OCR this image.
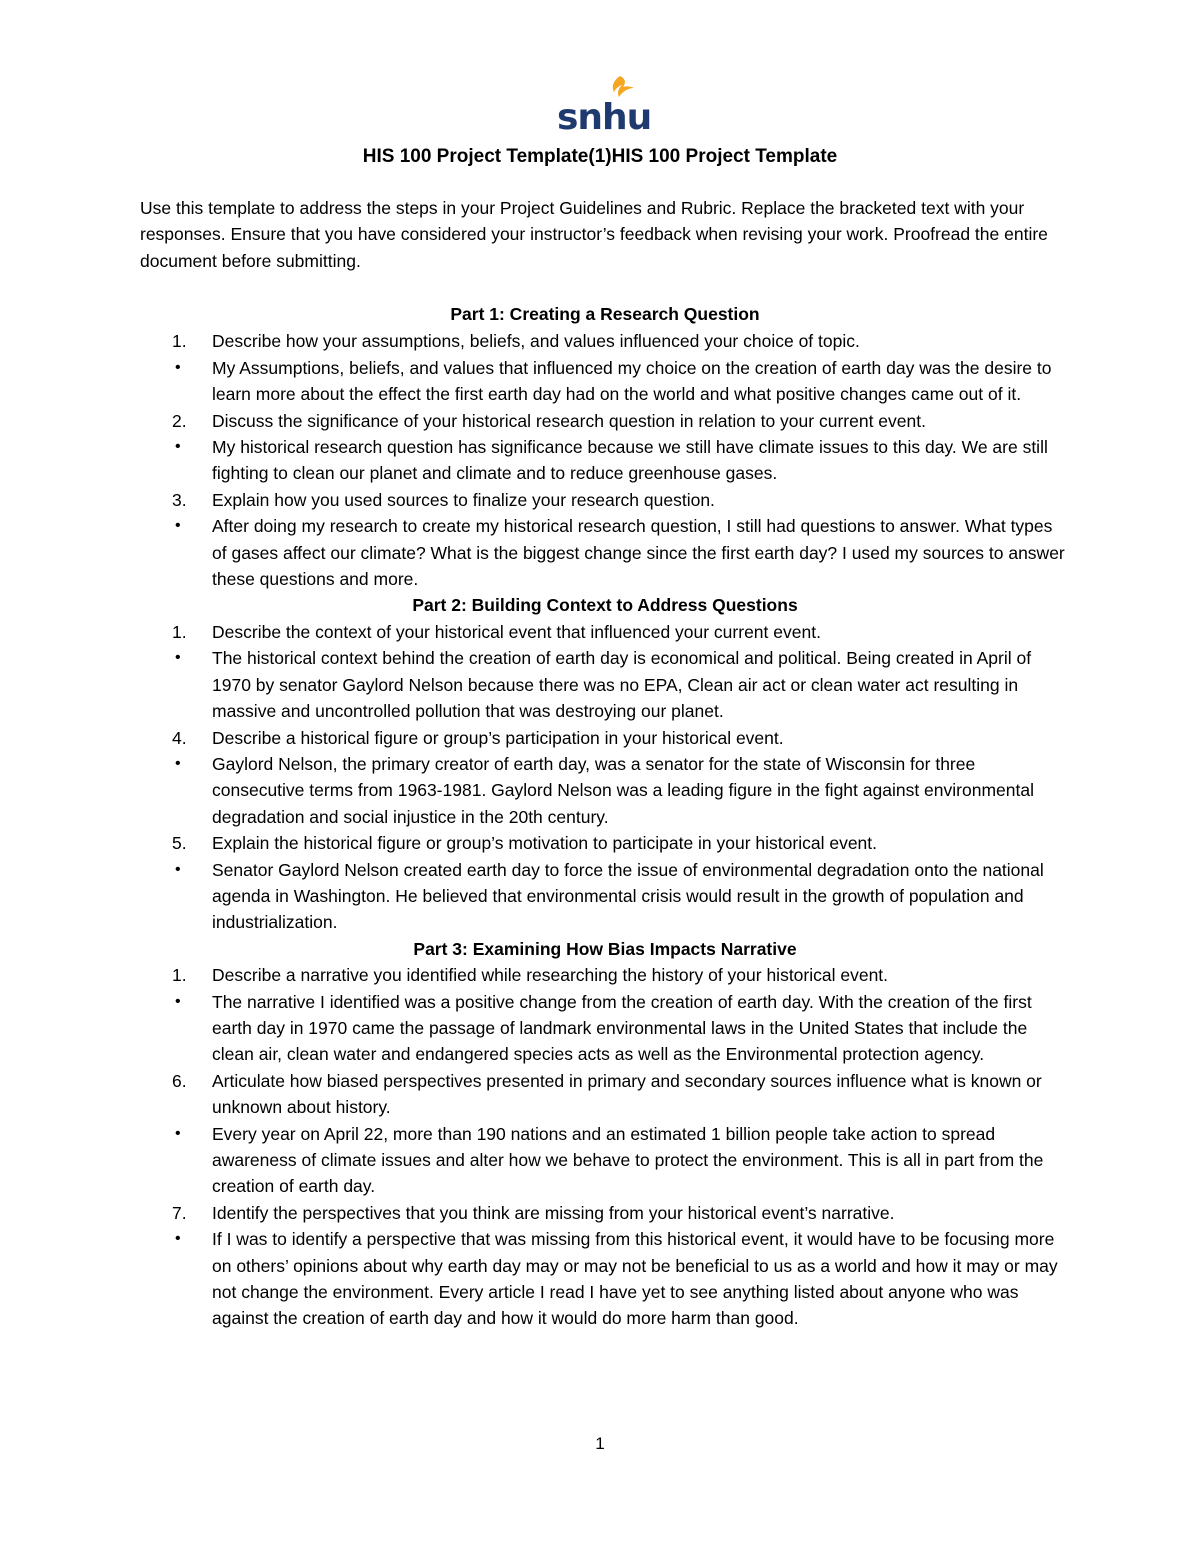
snhu
HIS 100 Project Template(1)HIS 100 Project Template

Use this template to address the steps in your Project Guidelines and Rubric. Replace the bracketed text with your responses. Ensure that you have considered your instructor’s feedback when revising your work. Proofread the entire document before submitting.

Part 1: Creating a Research Question

1.	Describe how your assumptions, beliefs, and values influenced your choice of topic.
•	My Assumptions, beliefs, and values that influenced my choice on the creation of earth day was the desire to learn more about the effect the first earth day had on the world and what positive changes came out of it.
2.	Discuss the significance of your historical research question in relation to your current event.
•	My historical research question has significance because we still have climate issues to this day. We are still fighting to clean our planet and climate and to reduce greenhouse gases.
3.	Explain how you used sources to finalize your research question.
•	After doing my research to create my historical research question, I still had questions to answer. What types of gases affect our climate? What is the biggest change since the first earth day? I used my sources to answer these questions and more.

Part 2: Building Context to Address Questions

1.	Describe the context of your historical event that influenced your current event.
•	The historical context behind the creation of earth day is economical and political. Being created in April of 1970 by senator Gaylord Nelson because there was no EPA, Clean air act or clean water act resulting in massive and uncontrolled pollution that was destroying our planet.
4.	Describe a historical figure or group’s participation in your historical event.
•	Gaylord Nelson, the primary creator of earth day, was a senator for the state of Wisconsin for three consecutive terms from 1963-1981. Gaylord Nelson was a leading figure in the fight against environmental degradation and social injustice in the 20th century.
5.	Explain the historical figure or group’s motivation to participate in your historical event.
•	Senator Gaylord Nelson created earth day to force the issue of environmental degradation onto the national agenda in Washington. He believed that environmental crisis would result in the growth of population and industrialization.

Part 3: Examining How Bias Impacts Narrative

1.	Describe a narrative you identified while researching the history of your historical event.
•	The narrative I identified was a positive change from the creation of earth day. With the creation of the first earth day in 1970 came the passage of landmark environmental laws in the United States that include the clean air, clean water and endangered species acts as well as the Environmental protection agency.
6.	Articulate how biased perspectives presented in primary and secondary sources influence what is known or unknown about history.
•	Every year on April 22, more than 190 nations and an estimated 1 billion people take action to spread awareness of climate issues and alter how we behave to protect the environment. This is all in part from the creation of earth day.
7.	Identify the perspectives that you think are missing from your historical event’s narrative.
•	If I was to identify a perspective that was missing from this historical event, it would have to be focusing more on others’ opinions about why earth day may or may not be beneficial to us as a world and how it may or may not change the environment. Every article I read I have yet to see anything listed about anyone who was against the creation of earth day and how it would do more harm than good.

1
